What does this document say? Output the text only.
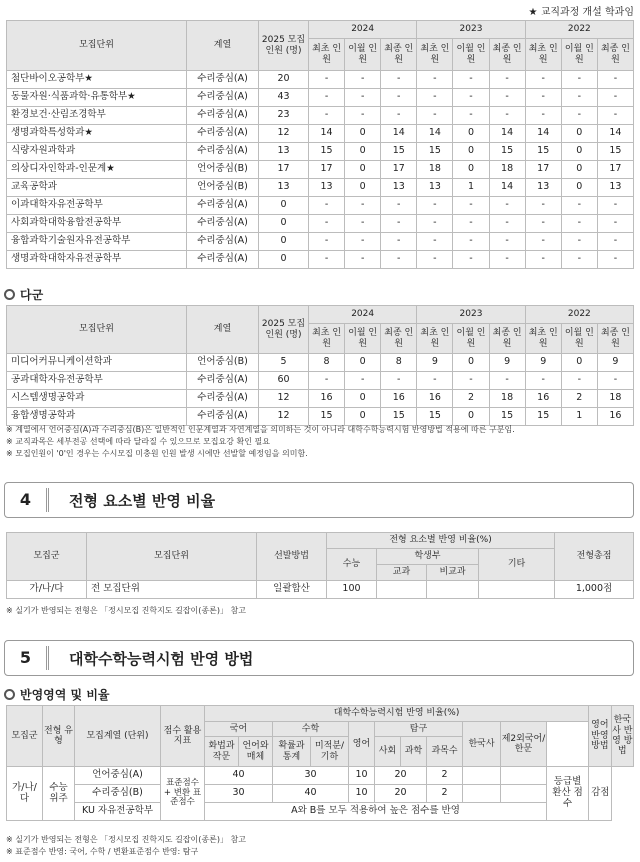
★ 교직과정 개설 학과임
모집단위	계열	2025 모집인원 (명)	2024			2023			2022		
			최초 인원	이월 인원	최종 인원	최초 인원	이월 인원	최종 인원	최초 인원	이월 인원	최종 인원
첨단바이오공학부★	수리중심(A)	20	-	-	-	-	-	-	-	-	-
동물자원·식품과학·유통학부★	수리중심(A)	43	-	-	-	-	-	-	-	-	-
환경보건·산림조경학부	수리중심(A)	23	-	-	-	-	-	-	-	-	-
생명과학특성학과★	수리중심(A)	12	14	0	14	14	0	14	14	0	14
식량자원과학과	수리중심(A)	13	15	0	15	15	0	15	15	0	15
의상디자인학과-인문계★	언어중심(B)	17	17	0	17	18	0	18	17	0	17
교육공학과	언어중심(B)	13	13	0	13	13	1	14	13	0	13
이과대학자유전공학부	수리중심(A)	0	-	-	-	-	-	-	-	-	-
사회과학대학융합전공학부	수리중심(A)	0	-	-	-	-	-	-	-	-	-
융합과학기술원자유전공학부	수리중심(A)	0	-	-	-	-	-	-	-	-	-
생명과학대학자유전공학부	수리중심(A)	0	-	-	-	-	-	-	-	-	-
다군
모집단위	계열	2025 모집인원 (명)	2024			2023			2022		
			최초 인원	이월 인원	최종 인원	최초 인원	이월 인원	최종 인원	최초 인원	이월 인원	최종 인원
미디어커뮤니케이션학과	언어중심(B)	5	8	0	8	9	0	9	9	0	9
공과대학자유전공학부	수리중심(A)	60	-	-	-	-	-	-	-	-	-
시스템생명공학과	수리중심(A)	12	16	0	16	16	2	18	16	2	18
융합생명공학과	수리중심(A)	12	15	0	15	15	0	15	15	1	16
※ 계열에서 언어중심(A)과 수리중심(B)은 일반적인 인문계열과 자연계열을 의미하는 것이 아니라 대학수학능력시험 반영방법 적용에 따른 구분임.
※ 교직과목은 세부전공 선택에 따라 달라질 수 있으므로 모집요강 확인 필요
※ 모집인원이 '0'인 경우는 수시모집 미충원 인원 발생 시에만 선발할 예정임을 의미함.
4	전형 요소별 반영 비율
모집군	모집단위	선발방법	전형 요소별 반영 비율(%)				전형총점
			수능	학생부		기타	
				교과	비교과		
가/나/다	전 모집단위	일괄합산	100				1,000점
※ 실기가 반영되는 전형은 「정시모집 진학지도 길잡이(종론)」 참고
5	대학수학능력시험 반영 방법
반영영역 및 비율
모집군	전형 유형	모집계열 (단위)	점수 활용 지표	대학수학능력시험 반영 비율(%)											영어 반영 방법	한국사 반영 방법
				국어		수학		영어	탐구			한국사	제2외국어/한문			
				화법과 작문	언어와 매체	확률과 통계	미적분/ 기하		사회	과학	과목수					
가/나/다	수능 위주	언어중심(A)	표준점수 + 변환 표준점수	40		30		10	20		2			등급별 환산 점수	감점	
		수리중심(B)		30		40		10	20		2					
		KU 자유전공학부		A와 B를 모두 적용하여 높은 점수를 반영												
※ 실기가 반영되는 전형은 「정시모집 진학지도 길잡이(종론)」 참고
※ 표준점수 반영: 국어, 수학 / 변환표준점수 반영: 탐구
